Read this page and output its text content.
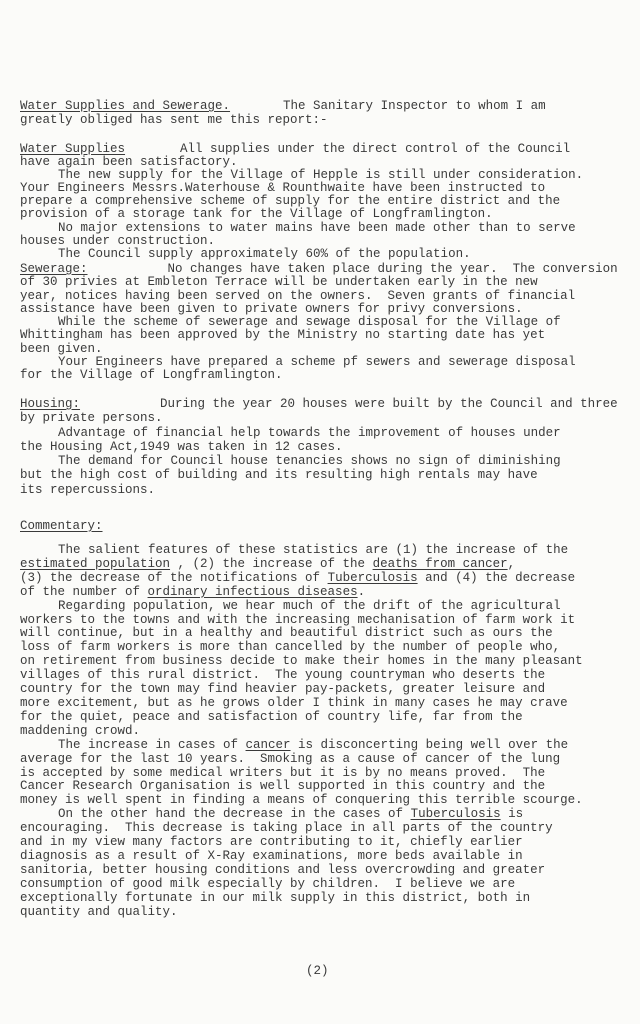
Water Supplies and Sewerage.	The Sanitary Inspector to whom I am
greatly obliged has sent me this report:-
Water Supplies	All supplies under the direct control of the Council
have again been satisfactory.
The new supply for the Village of Hepple is still under consideration.
Your Engineers Messrs.Waterhouse & Rounthwaite have been instructed to
prepare a comprehensive scheme of supply for the entire district and the
provision of a storage tank for the Village of Longframlington.
No major extensions to water mains have been made other than to serve
houses under construction.
The Council supply approximately 60% of the population.
Sewerage:	No changes have taken place during the year.  The conversion
of 30 privies at Embleton Terrace will be undertaken early in the new
year, notices having been served on the owners.  Seven grants of financial
assistance have been given to private owners for privy conversions.
While the scheme of sewerage and sewage disposal for the Village of
Whittingham has been approved by the Ministry no starting date has yet
been given.
Your Engineers have prepared a scheme pf sewers and sewerage disposal
for the Village of Longframlington.
Housing:	During the year 20 houses were built by the Council and three
by private persons.
Advantage of financial help towards the improvement of houses under
the Housing Act,1949 was taken in 12 cases.
The demand for Council house tenancies shows no sign of diminishing
but the high cost of building and its resulting high rentals may have
its repercussions.
Commentary:
The salient features of these statistics are (1) the increase of the
estimated population , (2) the increase of the deaths from cancer,
(3) the decrease of the notifications of Tuberculosis and (4) the decrease
of the number of ordinary infectious diseases.
Regarding population, we hear much of the drift of the agricultural
workers to the towns and with the increasing mechanisation of farm work it
will continue, but in a healthy and beautiful district such as ours the
loss of farm workers is more than cancelled by the number of people who,
on retirement from business decide to make their homes in the many pleasant
villages of this rural district.  The young countryman who deserts the
country for the town may find heavier pay-packets, greater leisure and
more excitement, but as he grows older I think in many cases he may crave
for the quiet, peace and satisfaction of country life, far from the
maddening crowd.
The increase in cases of cancer is disconcerting being well over the
average for the last 10 years.  Smoking as a cause of cancer of the lung
is accepted by some medical writers but it is by no means proved.  The
Cancer Research Organisation is well supported in this country and the
money is well spent in finding a means of conquering this terrible scourge.
On the other hand the decrease in the cases of Tuberculosis is
encouraging.  This decrease is taking place in all parts of the country
and in my view many factors are contributing to it, chiefly earlier
diagnosis as a result of X-Ray examinations, more beds available in
sanitoria, better housing conditions and less overcrowding and greater
consumption of good milk especially by children.  I believe we are
exceptionally fortunate in our milk supply in this district, both in
quantity and quality.
(2)
